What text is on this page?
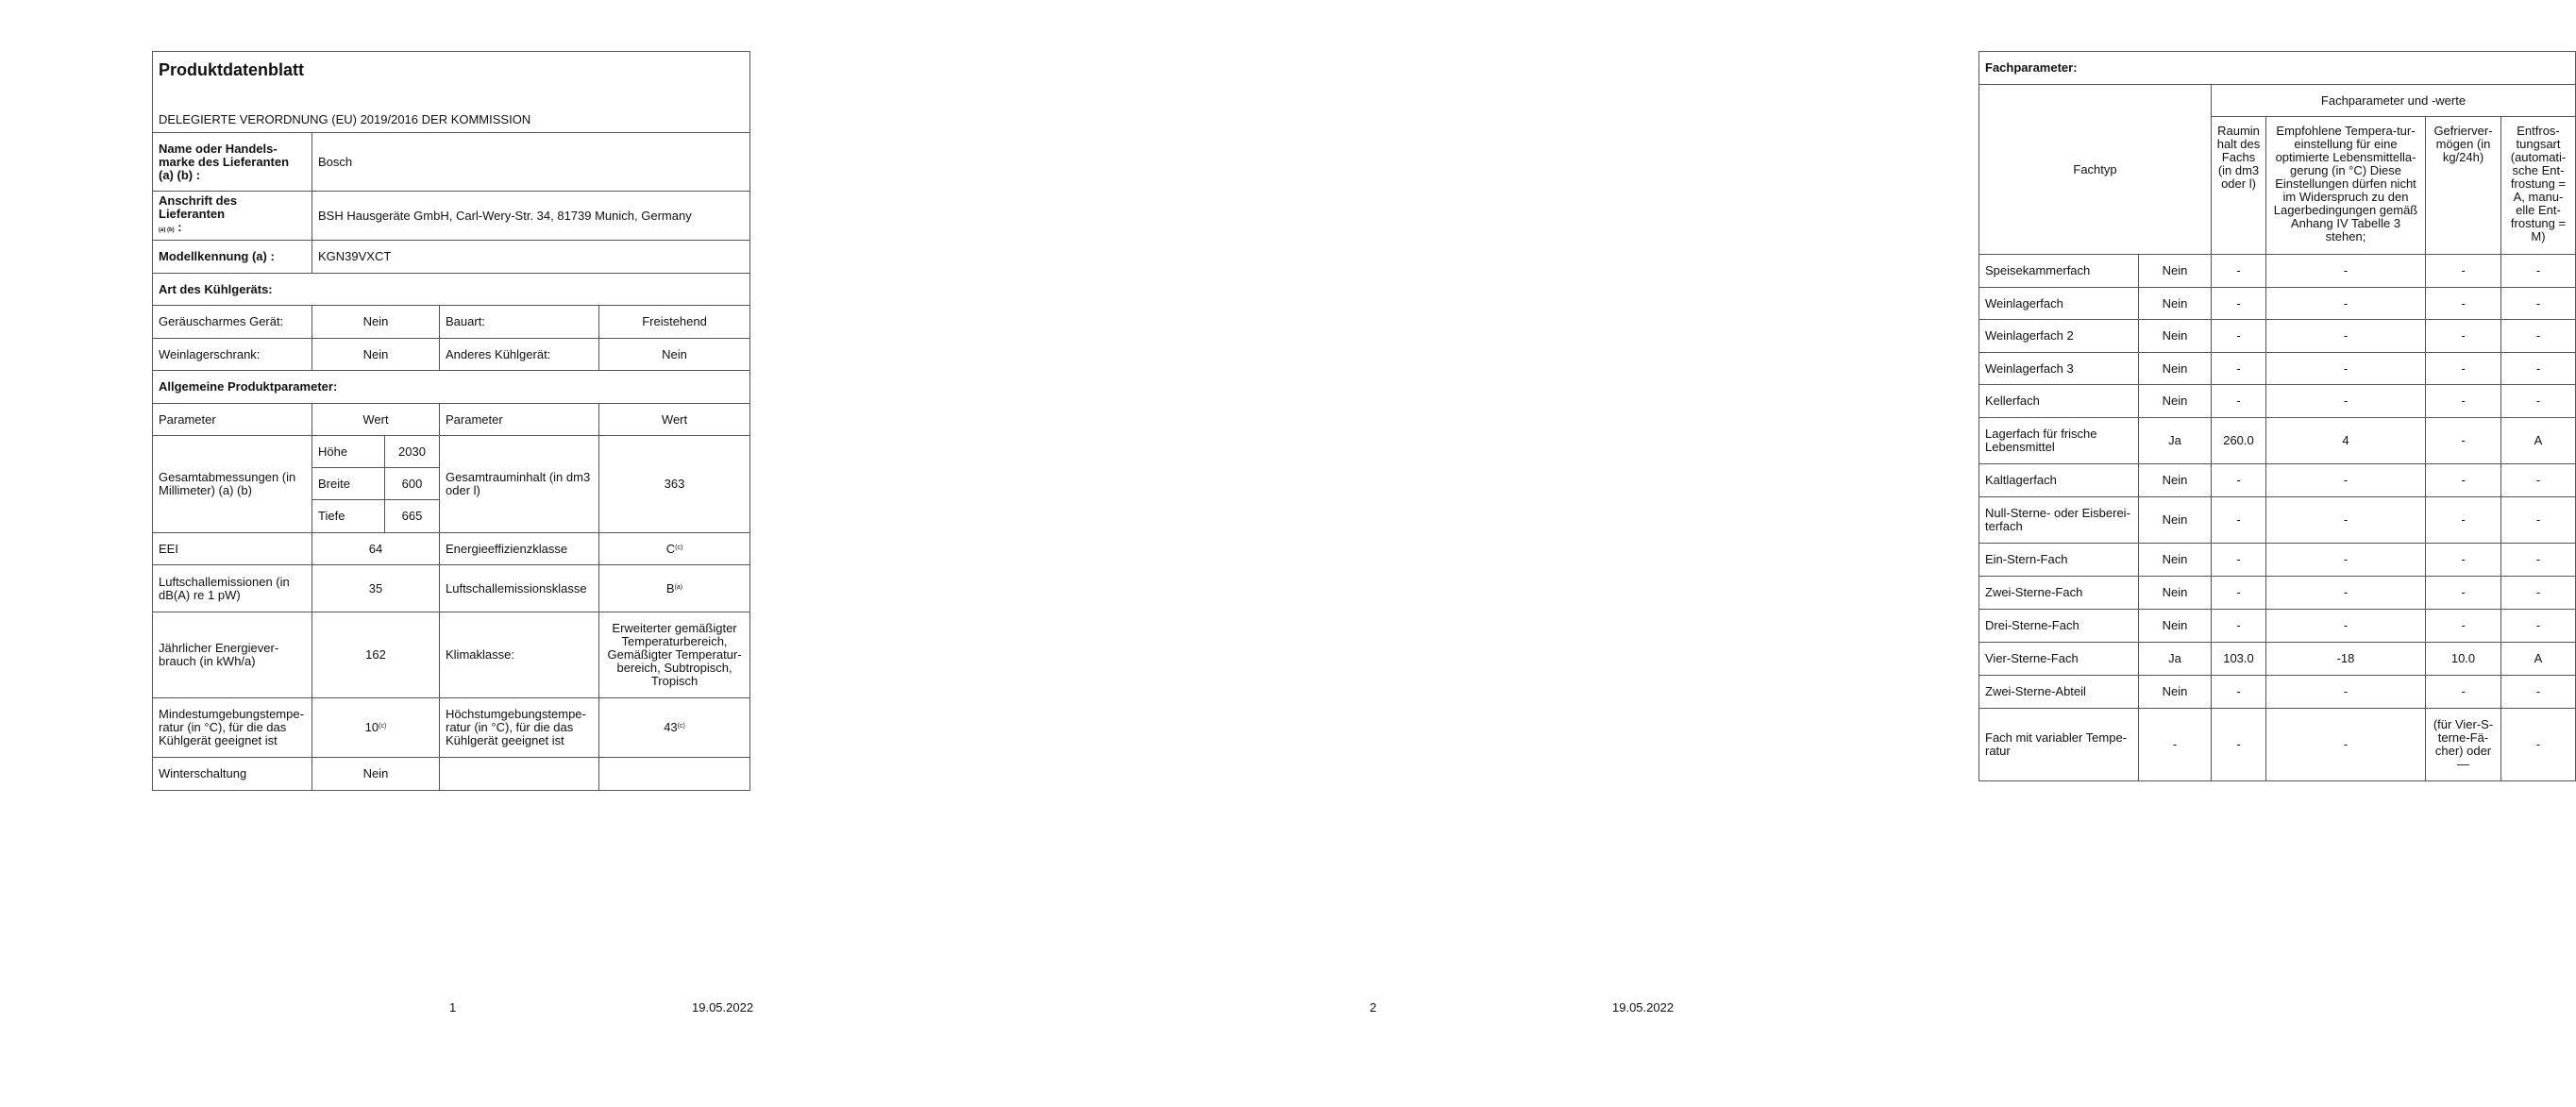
Produktdatenblatt				

DELEGIERTE VERORDNUNG (EU) 2019/2016 DER KOMMISSION				
Name oder Handels-marke des Lieferanten (a) (b) :	Bosch			
Anschrift des Lieferanten
(a) (b) :	BSH Hausgeräte GmbH, Carl-Wery-Str. 34, 81739 Munich, Germany			
Modellkennung (a) :	KGN39VXCT			
Art des Kühlgeräts:				
Geräuscharmes Gerät:	Nein		Bauart:	Freistehend
Weinlagerschrank:	Nein		Anderes Kühlgerät:	Nein
Allgemeine Produktparameter:				
Parameter	Wert		Parameter	Wert
Gesamtabmessungen (in Millimeter) (a) (b)	Höhe	2030	Gesamtrauminhalt (in dm3 oder l)	363
	Breite	600		
	Tiefe	665		
EEI	64		Energieeffizienzklasse	$C^{(c)}$
Luftschallemissionen (in dB(A) re 1 pW)	35		Luftschallemissionsklasse	$B^{(a)}$
Jährlicher Energiever-brauch (in kWh/a)	162		Klimaklasse:	Erweiterter gemäßigter Temperaturbereich, Gemäßigter Temperatur-bereich, Subtropisch, Tropisch
Mindestumgebungstempe-ratur (in °C), für die das Kühlgerät geeignet ist	10$^{(c)}$		Höchstumgebungstempe-ratur (in °C), für die das Kühlgerät geeignet ist	43$^{(c)}$
Winterschaltung	Nein			
1	19.05.2022
Fachparameter:					
Fachtyp		Fachparameter und -werte			
		Raumin halt des Fachs (in dm3 oder l)	Empfohlene Tempera-tur-einstellung für eine optimierte Lebensmittella-gerung (in °C) Diese Einstellungen dürfen nicht im Widerspruch zu den Lagerbedingungen gemäß Anhang IV Tabelle 3 stehen;	Gefrierver-mögen (in kg/24h)	Entfros-tungsart (automati-sche Ent-frostung = A, manu-elle Ent-frostung = M)
Speisekammerfach	Nein	-	-	-	-
Weinlagerfach	Nein	-	-	-	-
Weinlagerfach 2	Nein	-	-	-	-
Weinlagerfach 3	Nein	-	-	-	-
Kellerfach	Nein	-	-	-	-
Lagerfach für frische Lebensmittel	Ja	260.0	4	-	A
Kaltlagerfach	Nein	-	-	-	-
Null-Sterne- oder Eisberei-terfach	Nein	-	-	-	-
Ein-Stern-Fach	Nein	-	-	-	-
Zwei-Sterne-Fach	Nein	-	-	-	-
Drei-Sterne-Fach	Nein	-	-	-	-
Vier-Sterne-Fach	Ja	103.0	-18	10.0	A
Zwei-Sterne-Abteil	Nein	-	-	-	-
Fach mit variabler Tempe-ratur	-	-	-	(für Vier-S-terne-Fä-cher) oder —	-
2	19.05.2022
